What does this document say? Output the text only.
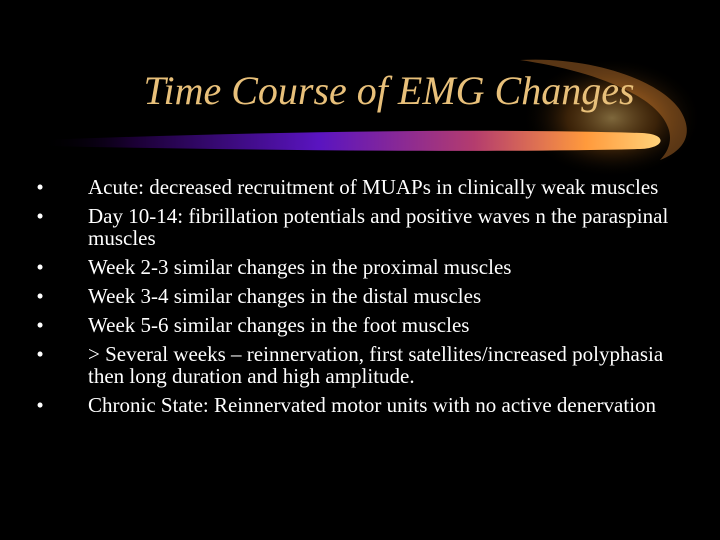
Time Course of EMG Changes
•	Acute: decreased recruitment of MUAPs in clinically weak muscles
•	Day 10-14: fibrillation potentials and positive waves n the paraspinal muscles
•	Week 2-3 similar changes in the proximal muscles
•	Week 3-4 similar changes in the distal muscles
•	Week 5-6 similar changes in the foot muscles
•	> Several weeks – reinnervation, first satellites/increased polyphasia then long duration and high amplitude.
•	Chronic State: Reinnervated motor units with no active denervation
